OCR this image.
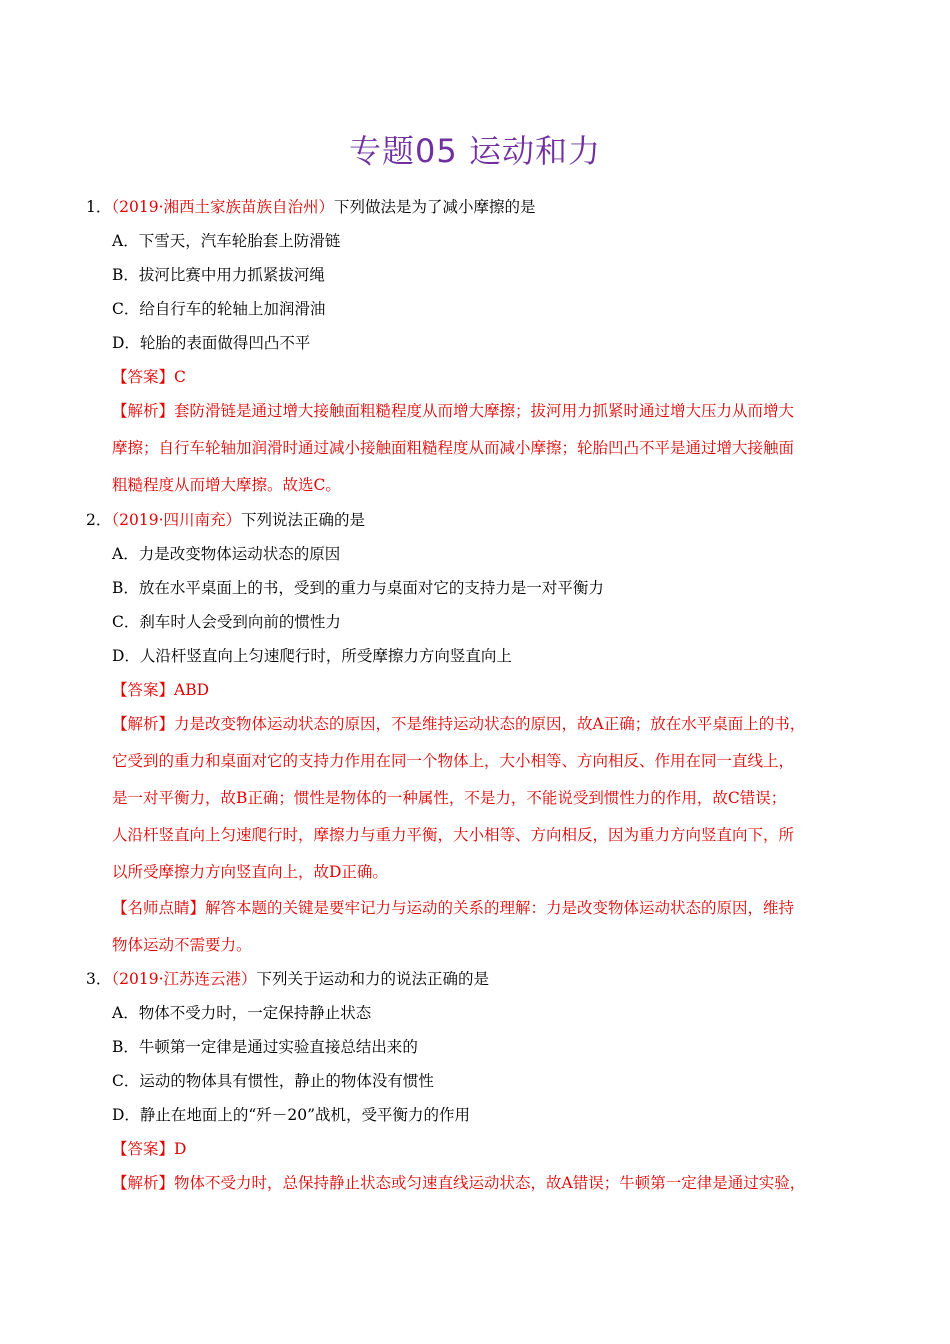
专题05 运动和力
1．（2019·湘西土家族苗族自治州）下列做法是为了减小摩擦的是
A．下雪天，汽车轮胎套上防滑链
B．拔河比赛中用力抓紧拔河绳
C．给自行车的轮轴上加润滑油
D．轮胎的表面做得凹凸不平
【答案】C
【解析】套防滑链是通过增大接触面粗糙程度从而增大摩擦；拔河用力抓紧时通过增大压力从而增大
摩擦；自行车轮轴加润滑时通过减小接触面粗糙程度从而减小摩擦；轮胎凹凸不平是通过增大接触面
粗糙程度从而增大摩擦。故选C。
2．（2019·四川南充）下列说法正确的是
A．力是改变物体运动状态的原因
B．放在水平桌面上的书，受到的重力与桌面对它的支持力是一对平衡力
C．刹车时人会受到向前的惯性力
D．人沿杆竖直向上匀速爬行时，所受摩擦力方向竖直向上
【答案】ABD
【解析】力是改变物体运动状态的原因，不是维持运动状态的原因，故A正确；放在水平桌面上的书，
它受到的重力和桌面对它的支持力作用在同一个物体上，大小相等、方向相反、作用在同一直线上，
是一对平衡力，故B正确；惯性是物体的一种属性，不是力，不能说受到惯性力的作用，故C错误；
人沿杆竖直向上匀速爬行时，摩擦力与重力平衡，大小相等、方向相反，因为重力方向竖直向下，所
以所受摩擦力方向竖直向上，故D正确。
【名师点睛】解答本题的关键是要牢记力与运动的关系的理解：力是改变物体运动状态的原因，维持
物体运动不需要力。
3．（2019·江苏连云港）下列关于运动和力的说法正确的是
A．物体不受力时，一定保持静止状态
B．牛顿第一定律是通过实验直接总结出来的
C．运动的物体具有惯性，静止的物体没有惯性
D．静止在地面上的“歼－20”战机，受平衡力的作用
【答案】D
【解析】物体不受力时，总保持静止状态或匀速直线运动状态，故A错误；牛顿第一定律是通过实验，
